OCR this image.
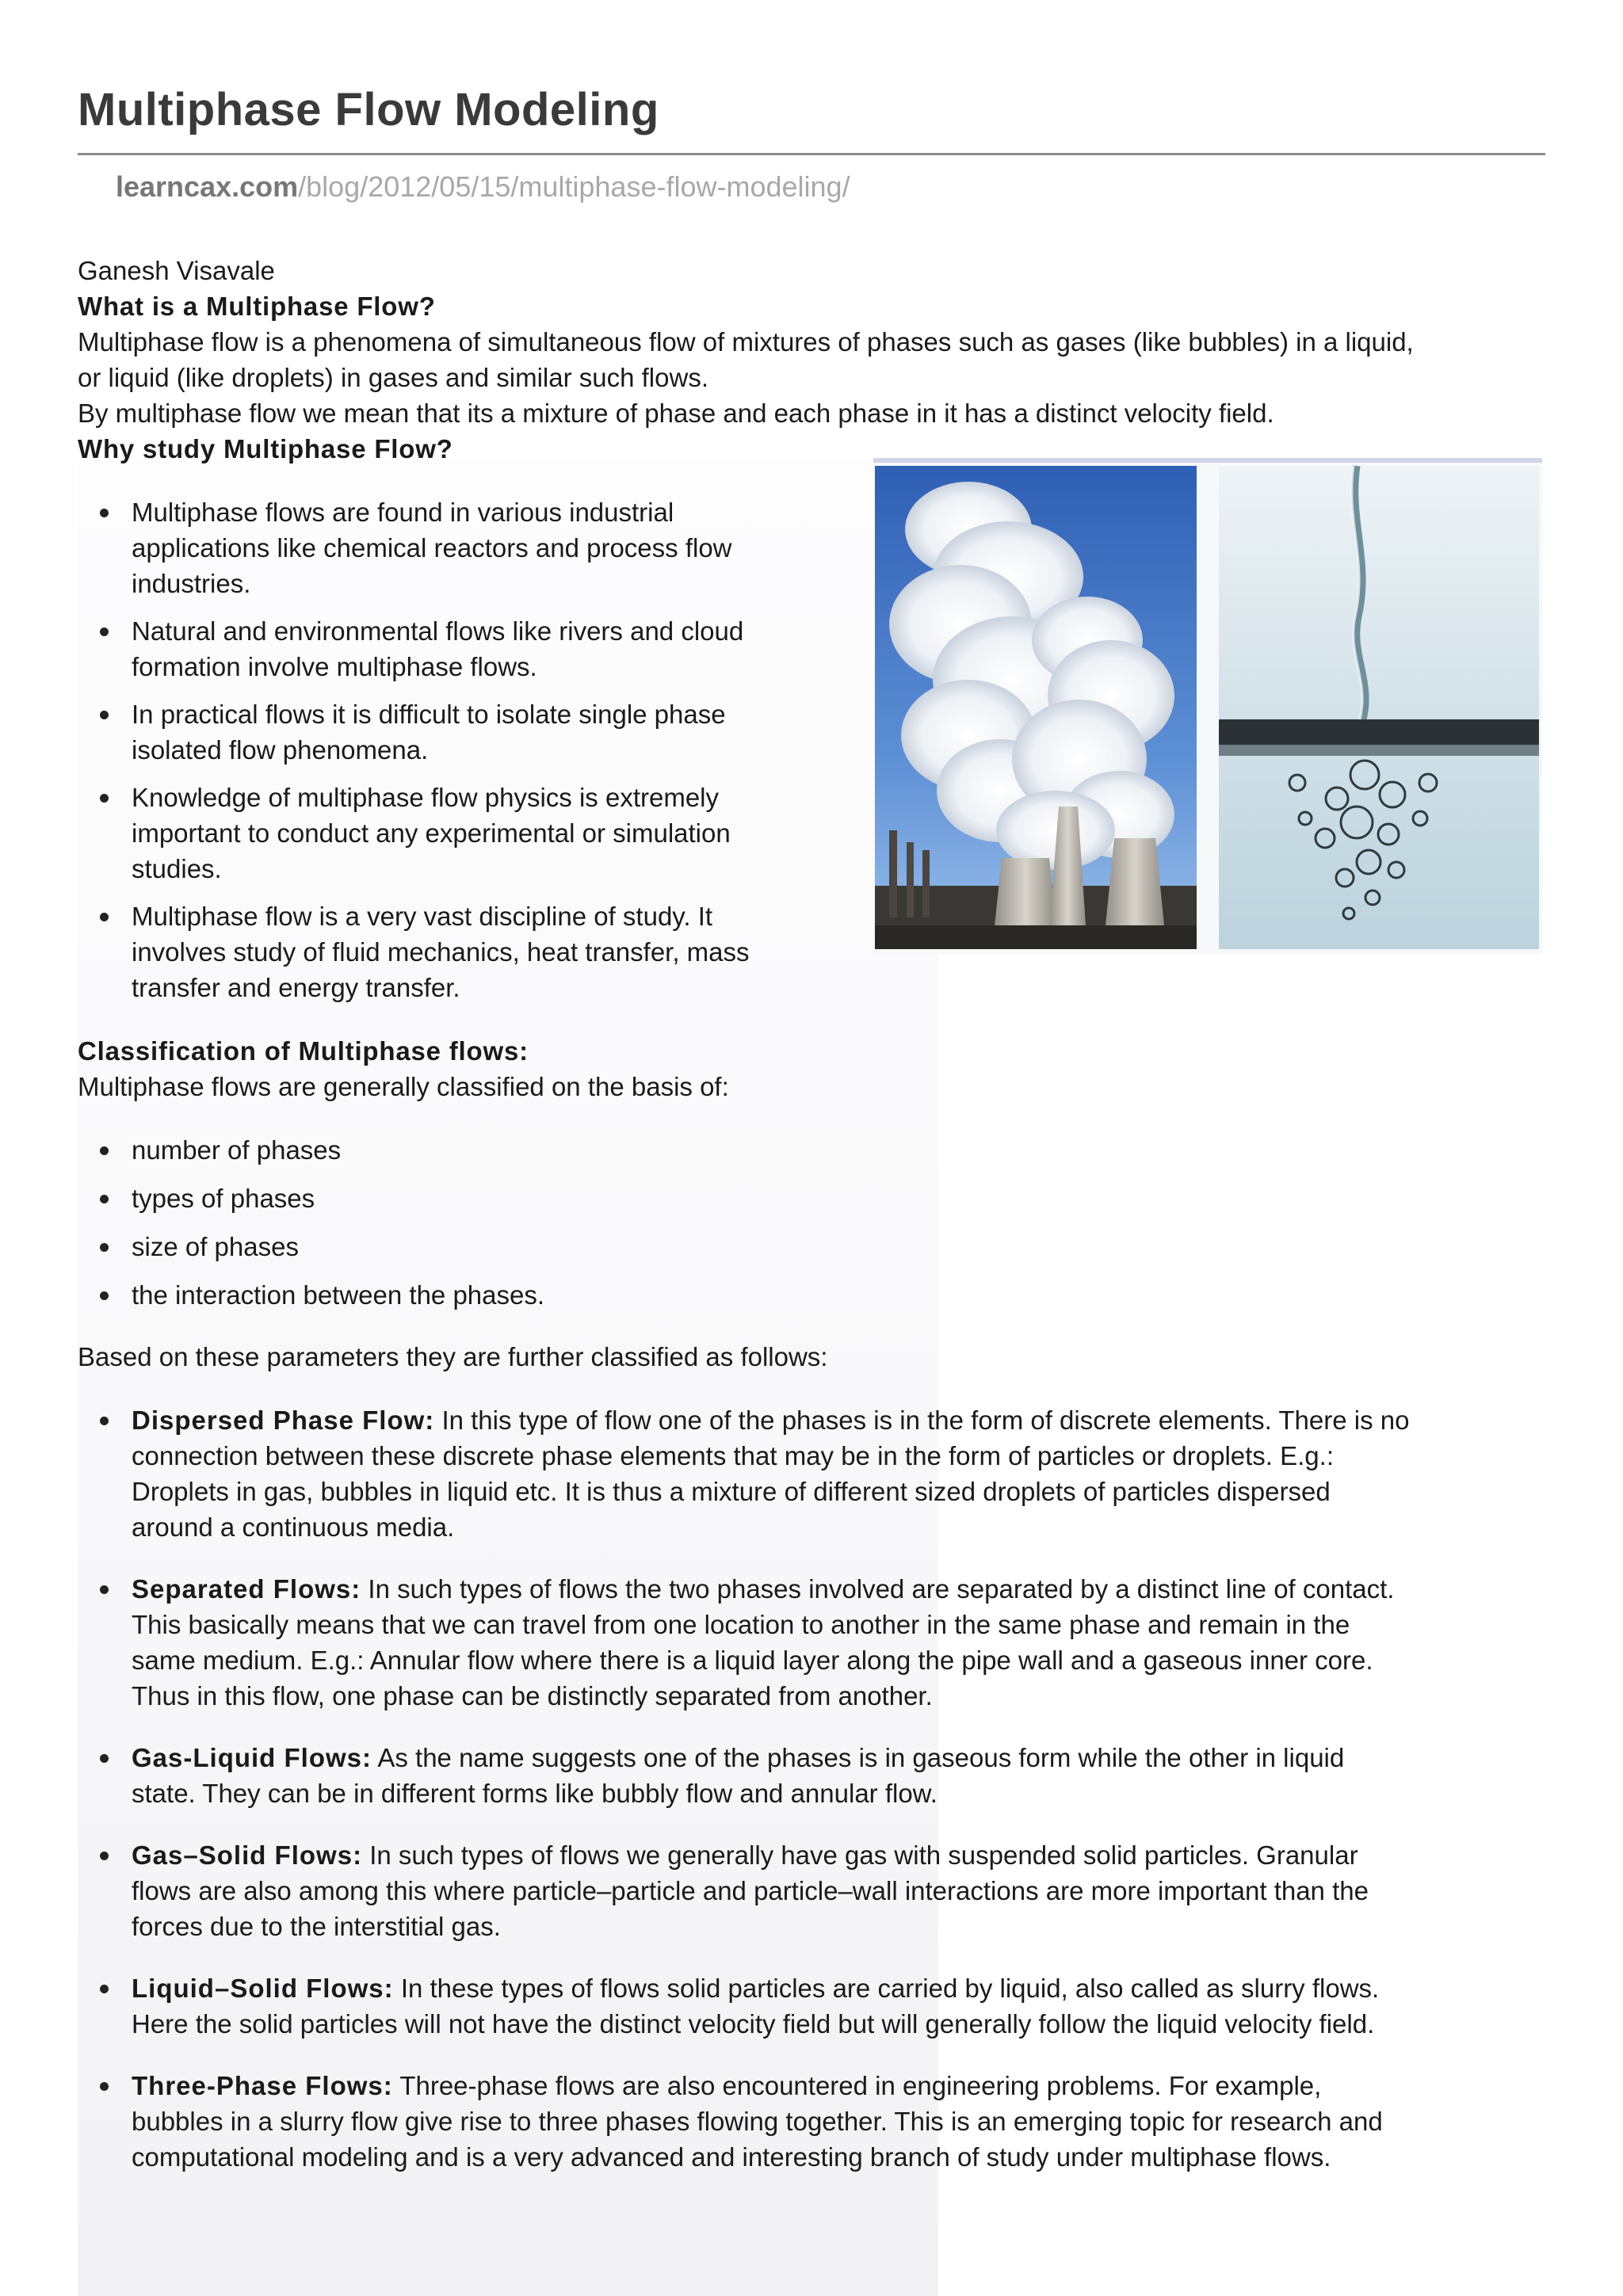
Multiphase Flow Modeling
learncax.com/blog/2012/05/15/multiphase-flow-modeling/

Ganesh Visavale

What is a Multiphase Flow?

Multiphase flow is a phenomena of simultaneous flow of mixtures of phases such as gases (like bubbles) in a liquid,

or liquid (like droplets) in gases and similar such flows.

By multiphase flow we mean that its a mixture of phase and each phase in it has a distinct velocity field.

Why study Multiphase Flow?

Multiphase flows are found in various industrial
applications like chemical reactors and process flow
industries.
Natural and environmental flows like rivers and cloud
formation involve multiphase flows.
In practical flows it is difficult to isolate single phase
isolated flow phenomena.
Knowledge of multiphase flow physics is extremely
important to conduct any experimental or simulation
studies.
Multiphase flow is a very vast discipline of study. It
involves study of fluid mechanics, heat transfer, mass
transfer and energy transfer.

Classification of Multiphase flows:

Multiphase flows are generally classified on the basis of:

number of phases
types of phases
size of phases
the interaction between the phases.

Based on these parameters they are further classified as follows:

Dispersed Phase Flow: In this type of flow one of the phases is in the form of discrete elements. There is no
connection between these discrete phase elements that may be in the form of particles or droplets. E.g.:
Droplets in gas, bubbles in liquid etc. It is thus a mixture of different sized droplets of particles dispersed
around a continuous media.
Separated Flows: In such types of flows the two phases involved are separated by a distinct line of contact.
This basically means that we can travel from one location to another in the same phase and remain in the
same medium. E.g.: Annular flow where there is a liquid layer along the pipe wall and a gaseous inner core.
Thus in this flow, one phase can be distinctly separated from another.
Gas-Liquid Flows: As the name suggests one of the phases is in gaseous form while the other in liquid
state. They can be in different forms like bubbly flow and annular flow.
Gas–Solid Flows: In such types of flows we generally have gas with suspended solid particles. Granular
flows are also among this where particle–particle and particle–wall interactions are more important than the
forces due to the interstitial gas.
Liquid–Solid Flows: In these types of flows solid particles are carried by liquid, also called as slurry flows.
Here the solid particles will not have the distinct velocity field but will generally follow the liquid velocity field.
Three-Phase Flows: Three-phase flows are also encountered in engineering problems. For example,
bubbles in a slurry flow give rise to three phases flowing together. This is an emerging topic for research and
computational modeling and is a very advanced and interesting branch of study under multiphase flows.
